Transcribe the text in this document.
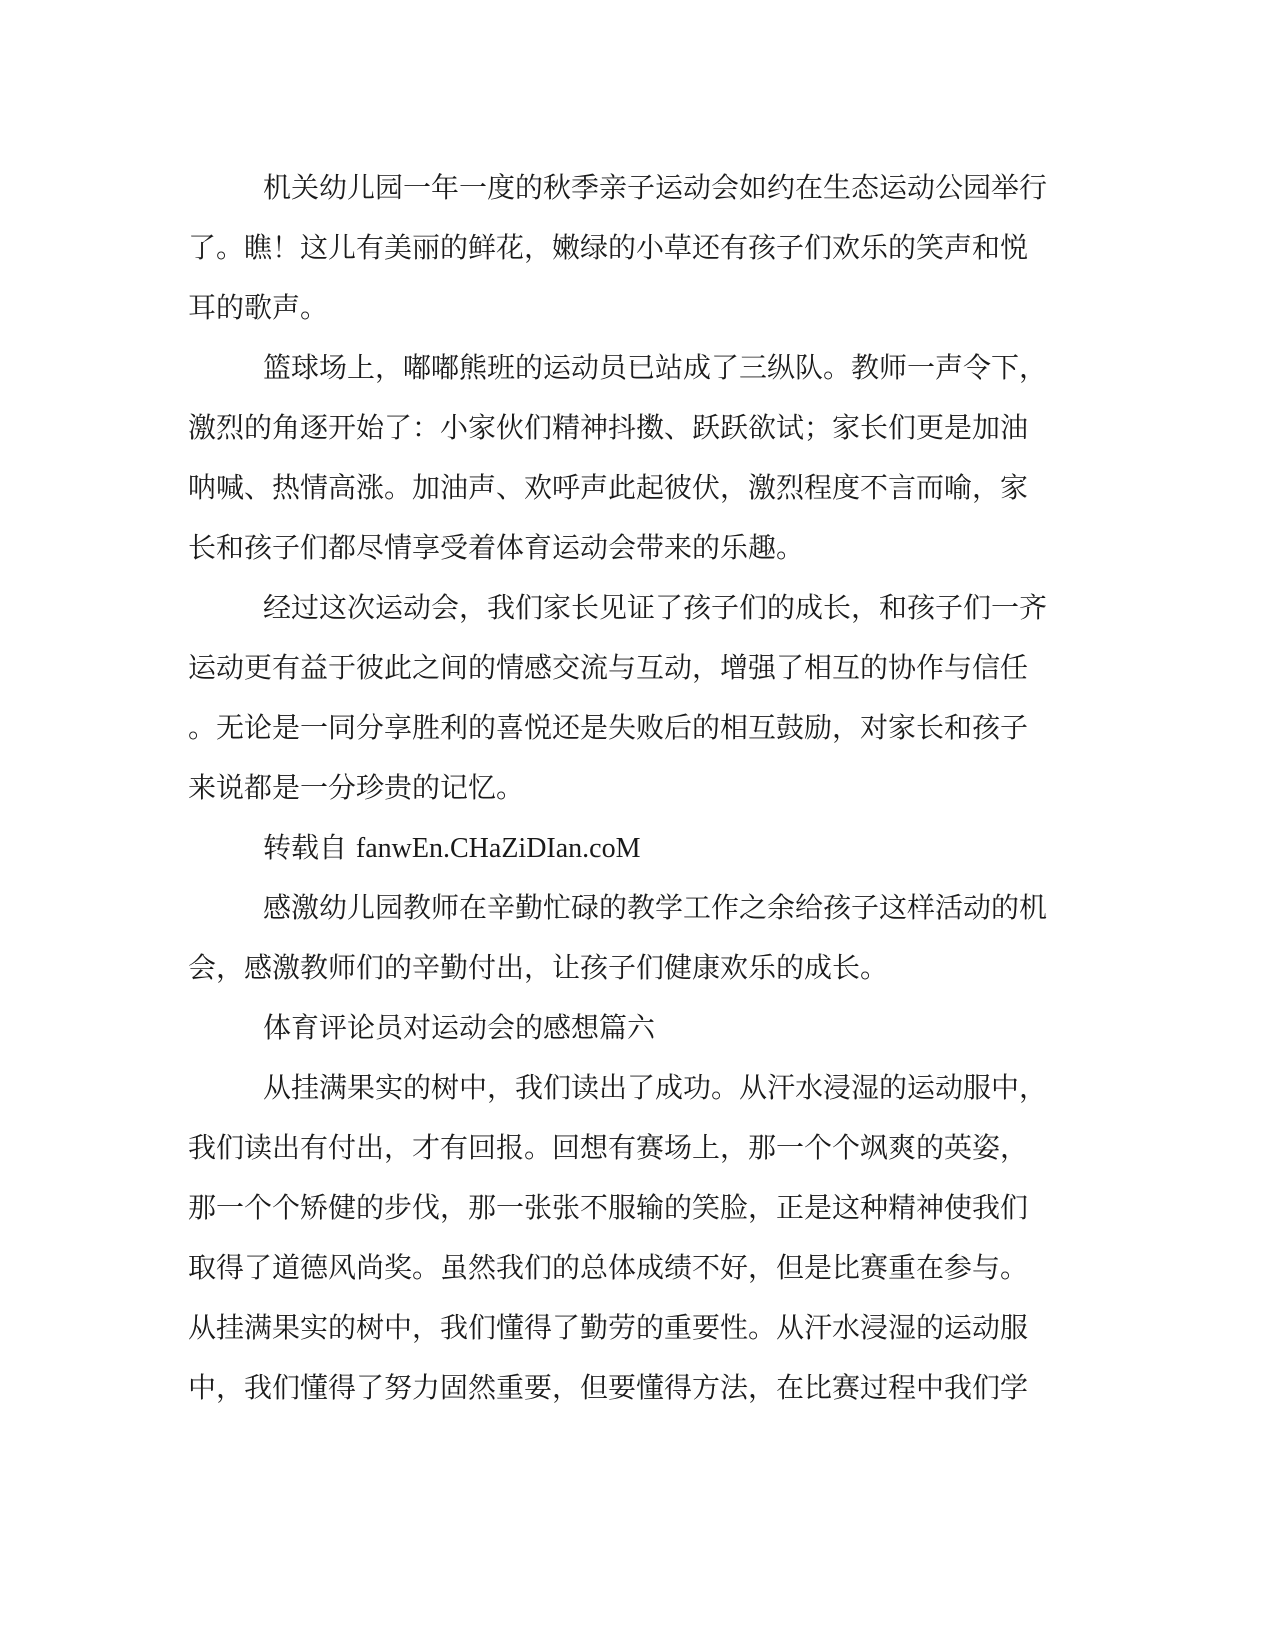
机关幼儿园一年一度的秋季亲子运动会如约在生态运动公园举行
了。瞧！这儿有美丽的鲜花，嫩绿的小草还有孩子们欢乐的笑声和悦
耳的歌声。
篮球场上，嘟嘟熊班的运动员已站成了三纵队。教师一声令下，
激烈的角逐开始了：小家伙们精神抖擞、跃跃欲试；家长们更是加油
呐喊、热情高涨。加油声、欢呼声此起彼伏，激烈程度不言而喻，家
长和孩子们都尽情享受着体育运动会带来的乐趣。
经过这次运动会，我们家长见证了孩子们的成长，和孩子们一齐
运动更有益于彼此之间的情感交流与互动，增强了相互的协作与信任
。无论是一同分享胜利的喜悦还是失败后的相互鼓励，对家长和孩子
来说都是一分珍贵的记忆。
转载自 fanwEn.CHaZiDIan.coM
感激幼儿园教师在辛勤忙碌的教学工作之余给孩子这样活动的机
会，感激教师们的辛勤付出，让孩子们健康欢乐的成长。
体育评论员对运动会的感想篇六
从挂满果实的树中，我们读出了成功。从汗水浸湿的运动服中，
我们读出有付出，才有回报。回想有赛场上，那一个个飒爽的英姿，
那一个个矫健的步伐，那一张张不服输的笑脸，正是这种精神使我们
取得了道德风尚奖。虽然我们的总体成绩不好，但是比赛重在参与。
从挂满果实的树中，我们懂得了勤劳的重要性。从汗水浸湿的运动服
中，我们懂得了努力固然重要，但要懂得方法，在比赛过程中我们学
